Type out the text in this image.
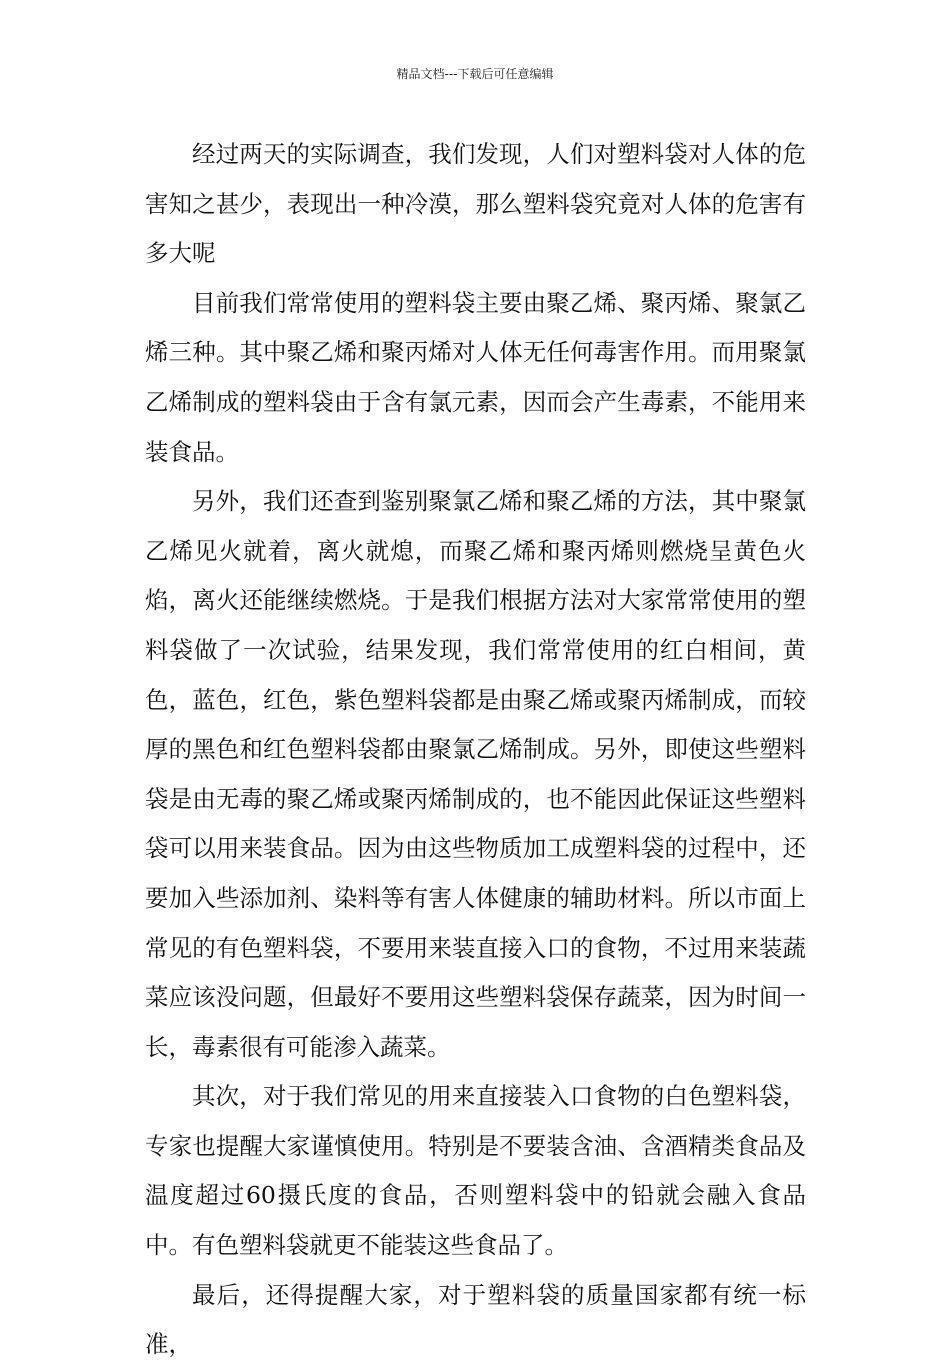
精品文档---下载后可任意编辑

经过两天的实际调查，我们发现，人们对塑料袋对人体的危害知之甚少，表现出一种冷漠，那么塑料袋究竟对人体的危害有多大呢

目前我们常常使用的塑料袋主要由聚乙烯、聚丙烯、聚氯乙烯三种。其中聚乙烯和聚丙烯对人体无任何毒害作用。而用聚氯乙烯制成的塑料袋由于含有氯元素，因而会产生毒素，不能用来装食品。

另外，我们还查到鉴别聚氯乙烯和聚乙烯的方法，其中聚氯乙烯见火就着，离火就熄，而聚乙烯和聚丙烯则燃烧呈黄色火焰，离火还能继续燃烧。于是我们根据方法对大家常常使用的塑料袋做了一次试验，结果发现，我们常常使用的红白相间，黄色，蓝色，红色，紫色塑料袋都是由聚乙烯或聚丙烯制成，而较厚的黑色和红色塑料袋都由聚氯乙烯制成。另外，即使这些塑料袋是由无毒的聚乙烯或聚丙烯制成的，也不能因此保证这些塑料袋可以用来装食品。因为由这些物质加工成塑料袋的过程中，还要加入些添加剂、染料等有害人体健康的辅助材料。所以市面上常见的有色塑料袋，不要用来装直接入口的食物，不过用来装蔬菜应该没问题，但最好不要用这些塑料袋保存蔬菜，因为时间一长，毒素很有可能渗入蔬菜。

其次，对于我们常见的用来直接装入口食物的白色塑料袋，专家也提醒大家谨慎使用。特别是不要装含油、含酒精类食品及温度超过60摄氏度的食品，否则塑料袋中的铅就会融入食品中。有色塑料袋就更不能装这些食品了。

最后，还得提醒大家，对于塑料袋的质量国家都有统一标准，
